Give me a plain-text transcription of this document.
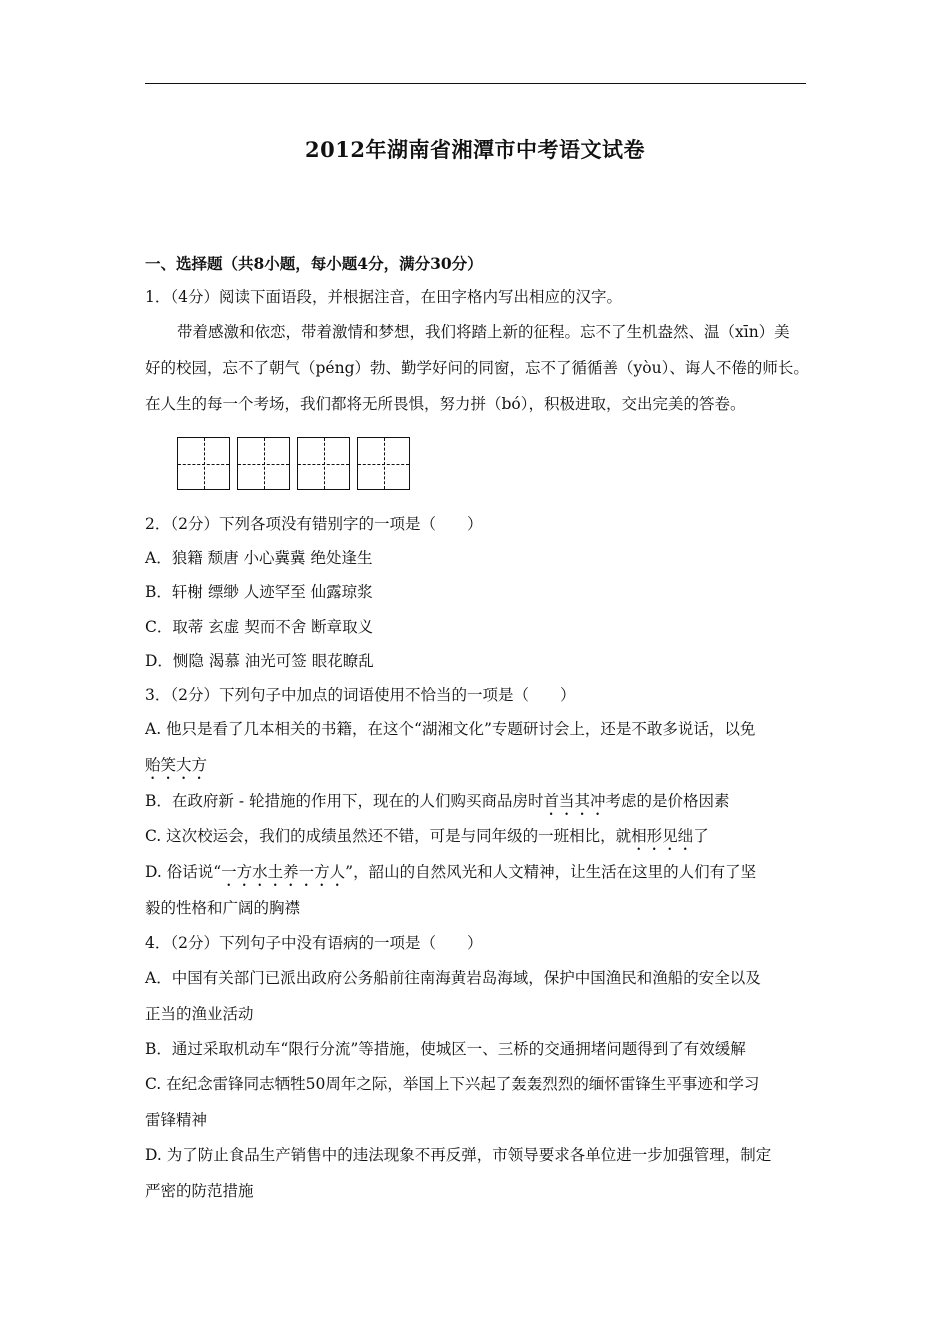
2012年湖南省湘潭市中考语文试卷
一、选择题（共8小题，每小题4分，满分30分）
1．（4分）阅读下面语段，并根据注音，在田字格内写出相应的汉字。
带着感激和依恋，带着激情和梦想，我们将踏上新的征程。忘不了生机盎然、温（xīn）美
好的校园，忘不了朝气（péng）勃、勤学好问的同窗，忘不了循循善（yòu）、诲人不倦的师长。
在人生的每一个考场，我们都将无所畏惧，努力拼（bó），积极进取，交出完美的答卷。
2．（2分）下列各项没有错别字的一项是（　　）
A．狼籍 颓唐 小心冀冀 绝处逢生
B．轩榭 缥缈 人迹罕至 仙露琼浆
C．取蒂 玄虚 契而不舍 断章取义
D．恻隐 渴慕 油光可签 眼花瞭乱
3．（2分）下列句子中加点的词语使用不恰当的一项是（　　）
A. 他只是看了几本相关的书籍，在这个“湖湘文化”专题研讨会上，还是不敢多说话，以免
贻笑大方
B．在政府新 - 轮措施的作用下，现在的人们购买商品房时首当其冲考虑的是价格因素
C. 这次校运会，我们的成绩虽然还不错，可是与同年级的一班相比，就相形见绌了
D. 俗话说“一方水土养一方人”，韶山的自然风光和人文精神，让生活在这里的人们有了坚
毅的性格和广阔的胸襟
4．（2分）下列句子中没有语病的一项是（　　）
A．中国有关部门已派出政府公务船前往南海黄岩岛海域，保护中国渔民和渔船的安全以及
正当的渔业活动
B．通过采取机动车“限行分流”等措施，使城区一、三桥的交通拥堵问题得到了有效缓解
C. 在纪念雷锋同志牺牲50周年之际，举国上下兴起了轰轰烈烈的缅怀雷锋生平事迹和学习
雷锋精神
D. 为了防止食品生产销售中的违法现象不再反弹，市领导要求各单位进一步加强管理，制定
严密的防范措施
